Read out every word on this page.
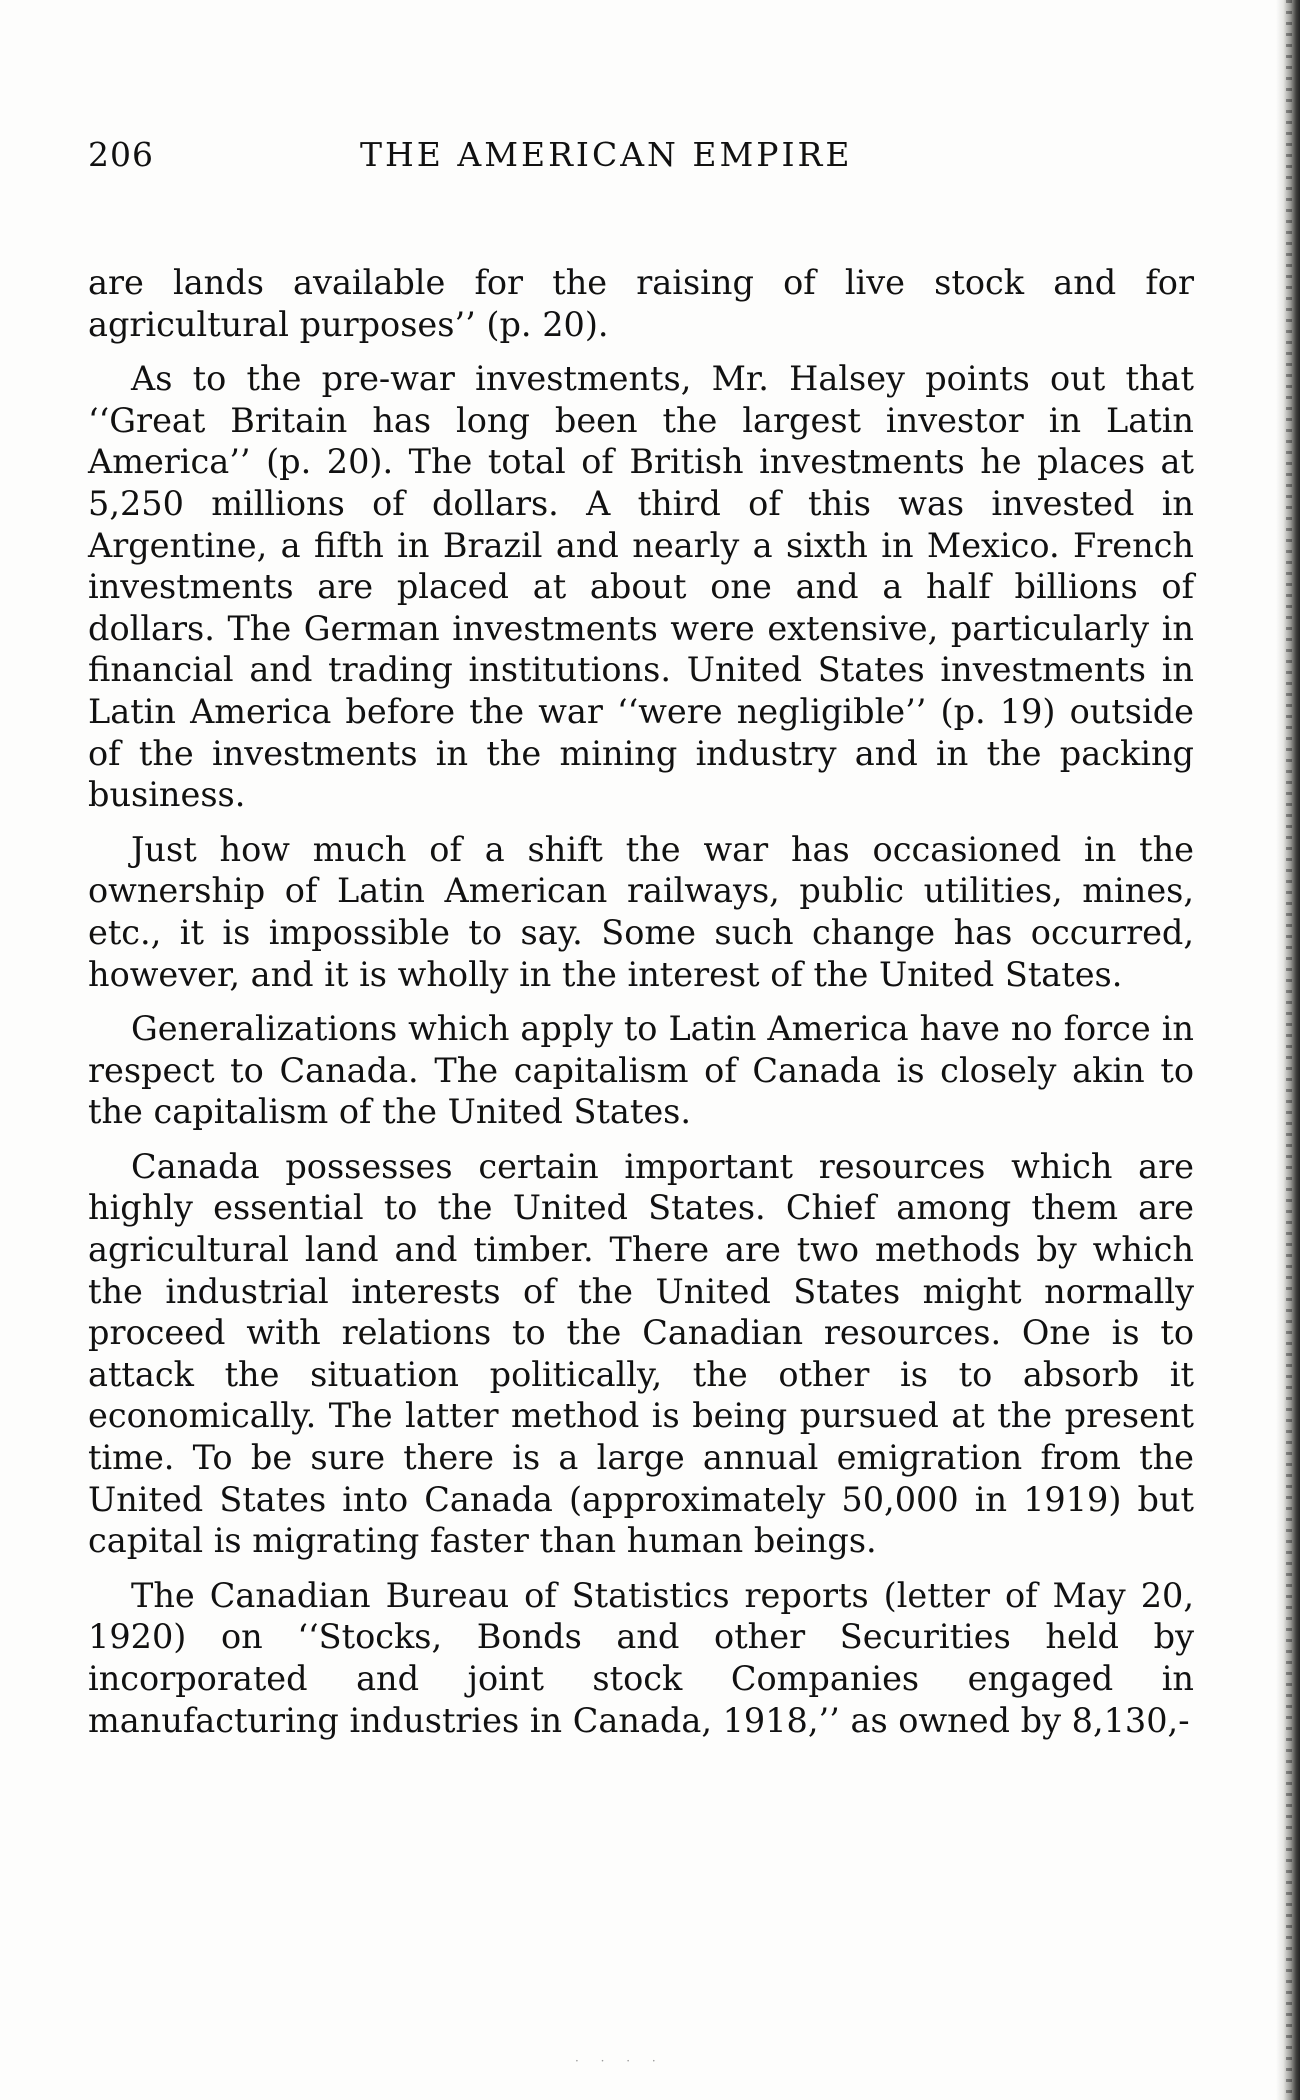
206	THE AMERICAN EMPIRE

are lands available for the raising of live stock and for agricultural purposes’’ (p. 20).

As to the pre-war investments, Mr. Halsey points out that ‘‘Great Britain has long been the largest investor in Latin America’’ (p. 20). The total of British investments he places at 5,250 millions of dollars. A third of this was invested in Argentine, a fifth in Brazil and nearly a sixth in Mexico. French investments are placed at about one and a half billions of dollars. The German investments were extensive, particularly in financial and trading institutions. United States investments in Latin America before the war ‘‘were negligible’’ (p. 19) outside of the investments in the mining industry and in the packing business.

Just how much of a shift the war has occasioned in the ownership of Latin American railways, public utilities, mines, etc., it is impossible to say. Some such change has occurred, however, and it is wholly in the interest of the United States.

Generalizations which apply to Latin America have no force in respect to Canada. The capitalism of Canada is closely akin to the capitalism of the United States.

Canada possesses certain important resources which are highly essential to the United States. Chief among them are agricultural land and timber. There are two methods by which the industrial interests of the United States might normally proceed with relations to the Canadian resources. One is to attack the situation politically, the other is to absorb it economically. The latter method is being pursued at the present time. To be sure there is a large annual emigration from the United States into Canada (approximately 50,000 in 1919) but capital is migrating faster than human beings.

The Canadian Bureau of Statistics reports (letter of May 20, 1920) on ‘‘Stocks, Bonds and other Securities held by incorporated and joint stock Companies engaged in manufacturing industries in Canada, 1918,’’ as owned by 8,130,-

· · · ·
